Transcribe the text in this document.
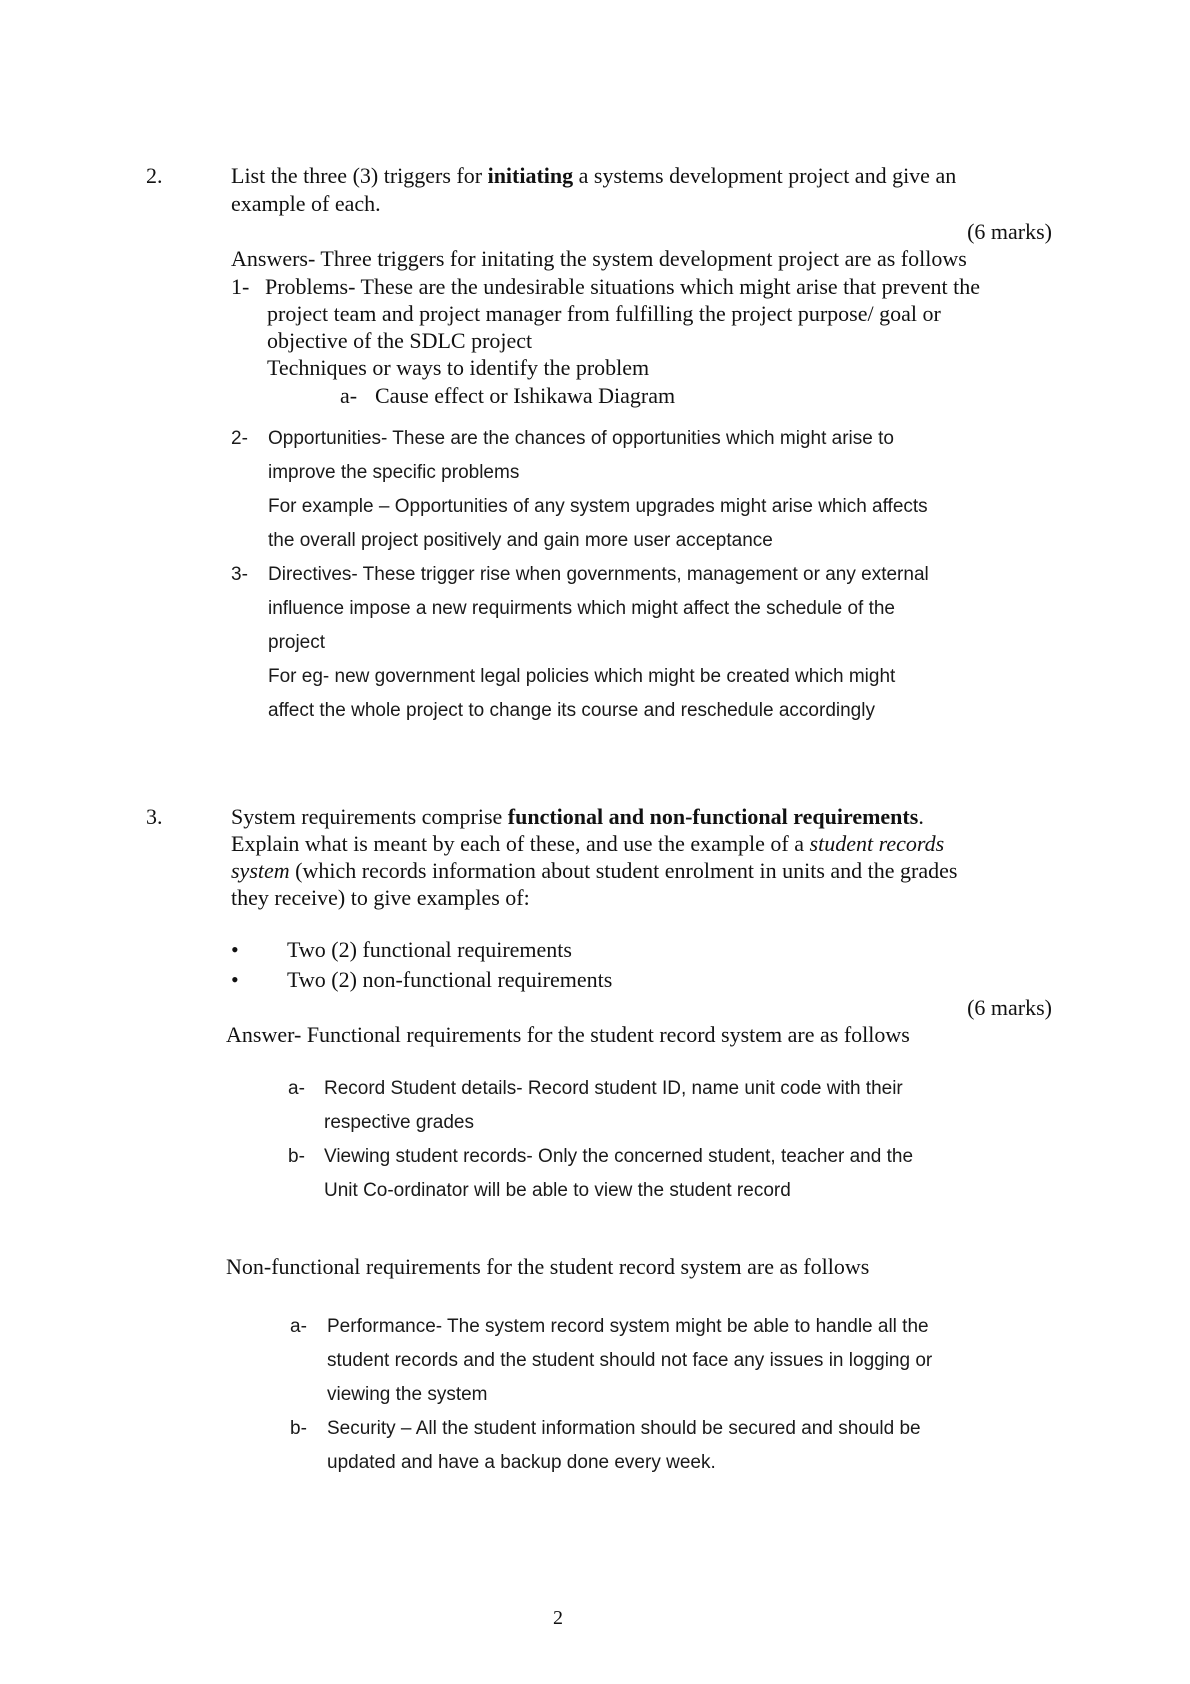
2.	List the three (3) triggers for initiating a systems development project and give an
example of each.
(6 marks)
Answers- Three triggers for initating the system development project are as follows
1- Problems- These are the undesirable situations which might arise that prevent the
project team and project manager from fulfilling the project purpose/ goal or
objective of the SDLC project
Techniques or ways to identify the problem
a- Cause effect or Ishikawa Diagram
2- Opportunities- These are the chances of opportunities which might arise to
improve the specific problems
For example – Opportunities of any system upgrades might arise which affects
the overall project positively and gain more user acceptance
3- Directives- These trigger rise when governments, management or any external
influence impose a new requirments which might affect the schedule of the
project
For eg- new government legal policies which might be created which might
affect the whole project to change its course and reschedule accordingly
3.	System requirements comprise functional and non-functional requirements.
Explain what is meant by each of these, and use the example of a student records
system (which records information about student enrolment in units and the grades
they receive) to give examples of:
• Two (2) functional requirements
• Two (2) non-functional requirements
(6 marks)
Answer- Functional requirements for the student record system are as follows
a- Record Student details- Record student ID, name unit code with their
respective grades
b- Viewing student records- Only the concerned student, teacher and the
Unit Co-ordinator will be able to view the student record
Non-functional requirements for the student record system are as follows
a- Performance- The system record system might be able to handle all the
student records and the student should not face any issues in logging or
viewing the system
b- Security – All the student information should be secured and should be
updated and have a backup done every week.
2
